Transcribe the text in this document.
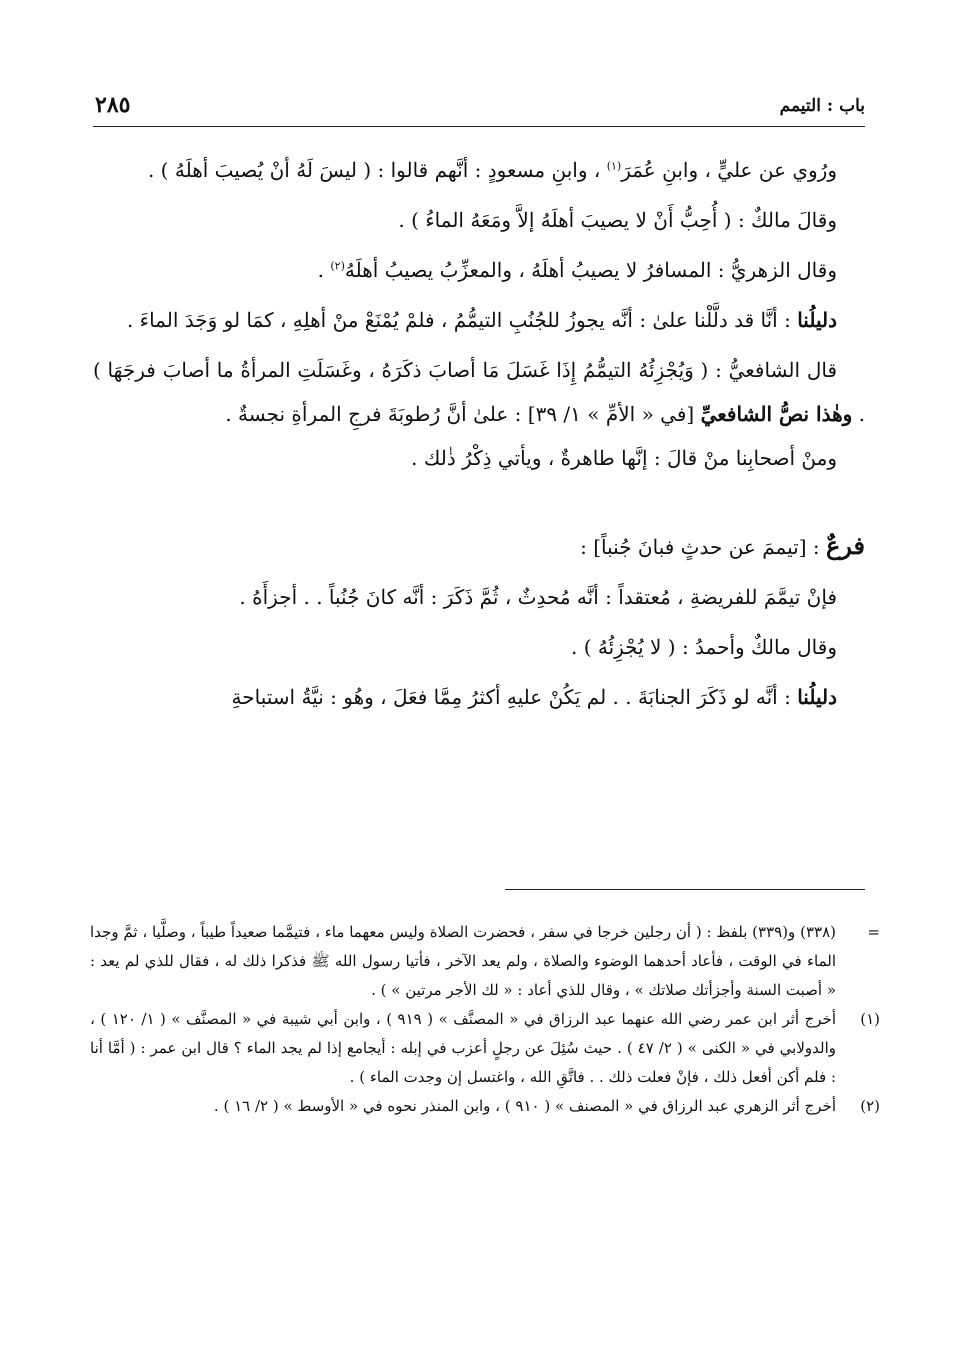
باب : التيمم
٢٨٥

ورُوي عن عليٍّ ، وابنِ عُمَرَ$^{(١)}$ ، وابنِ مسعودٍ : أنَّهم قالوا : ( ليسَ لَهُ أنْ يُصيبَ أهلَهُ ) .

وقالَ مالكٌ : ( أُحِبُّ أَنْ لا يصيبَ أهلَهُ إلاَّ ومَعَهُ الماءُ ) .

وقال الزهريُّ : المسافرُ لا يصيبُ أهلَهُ ، والمعزِّبُ يصيبُ أهلَهُ$^{(٢)}$ .

دليلُنا : أنَّا قد دلَّلْنا علىٰ : أنَّه يجوزُ للجُنُبِ التيمُّمُ ، فلمْ يُمْنَعْ منْ أهلِهِ ، كمَا لو وَجَدَ الماءَ .

قال الشافعيُّ : ( وَيُجْزِئُهُ التيمُّمُ إِذَا غَسَلَ مَا أصابَ ذكَرَهُ ، وغَسَلَتِ المرأةُ ما أصابَ فرجَهَا ) . وهٰذا نصُّ الشافعيِّ [في « الأمِّ » ١/ ٣٩] : علىٰ أنَّ رُطوبَةَ فرجِ المرأةِ نجسةٌ .

ومنْ أصحابِنا منْ قالَ : إنَّها طاهرةٌ ، ويأتي ذِكْرُ ذٰلك .

فرعٌ : [تيممَ عن حدثٍ فبانَ جُنباً] :

فإنْ تيمَّمَ للفريضةِ ، مُعتقداً : أنَّه مُحدِثٌ ، ثُمَّ ذَكَرَ : أنَّه كانَ جُنُباً . . أجزأَهُ .

وقال مالكٌ وأحمدُ : ( لا يُجْزِئُهُ ) .

دليلُنا : أنَّه لو ذَكَرَ الجنابَةَ . . لم يَكُنْ عليهِ أكثرُ مِمَّا فعَلَ ، وهُو : نيَّةُ استباحةِ

=
(٣٣٨) و(٣٣٩) بلفظ : ( أن رجلين خرجا في سفر ، فحضرت الصلاة وليس معهما ماء ، فتيمَّما صعيداً طيباً ، وصلَّيا ، ثمَّ وجدا الماء في الوقت ، فأعاد أحدهما الوضوء والصلاة ، ولم يعد الآخر ، فأتيا رسول الله ﷺ فذكرا ذلك له ، فقال للذي لم يعد : « أصبت السنة وأجزأتك صلاتك » ، وقال للذي أعاد : « لك الأجر مرتين » ) .
(١)
أخرج أثر ابن عمر رضي الله عنهما عبد الرزاق في « المصنَّف » ( ٩١٩ ) ، وابن أبي شيبة في « المصنَّف » ( ١/ ١٢٠ ) ، والدولابي في « الكنى » ( ٢/ ٤٧ ) . حيث سُئِلَ عن رجلٍ أعزب في إبله : أيجامع إذا لم يجد الماء ؟ قال ابن عمر : ( أمَّا أنا : فلم أكن أفعل ذلك ، فإنْ فعلت ذلك . . فاتَّقِ الله ، واغتسل إن وجدت الماء ) .
(٢)
أخرج أثر الزهري عبد الرزاق في « المصنف » ( ٩١٠ ) ، وابن المنذر نحوه في « الأوسط » ( ٢/ ١٦ ) .
